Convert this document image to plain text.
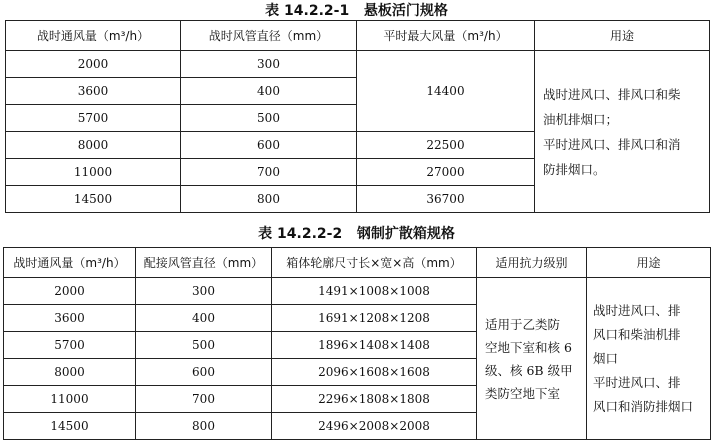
表 14.2.2-1   悬板活门规格
战时通风量（m³/h）	战时风管直径（mm）	平时最大风量（m³/h）	用途
2000	300	14400	战时进风口、排风口和柴
油机排烟口；
平时进风口、排风口和消
防排烟口。

3600	400		
5700	500		
8000	600	22500	
11000	700	27000	
14500	800	36700	
表 14.2.2-2   钢制扩散箱规格
战时通风量（m³/h）	配接风管直径（mm）	箱体轮廓尺寸长×宽×高（mm）	适用抗力级别	用途
2000	300	1491×1008×1008	适用于乙类防
空地下室和核 6
级、核 6B 级甲
类防空地下室	战时进风口、排
风口和柴油机排
烟口
平时进风口、排
风口和消防排烟口

3600	400	1691×1208×1208		
5700	500	1896×1408×1408		
8000	600	2096×1608×1608		
11000	700	2296×1808×1808		
14500	800	2496×2008×2008		
